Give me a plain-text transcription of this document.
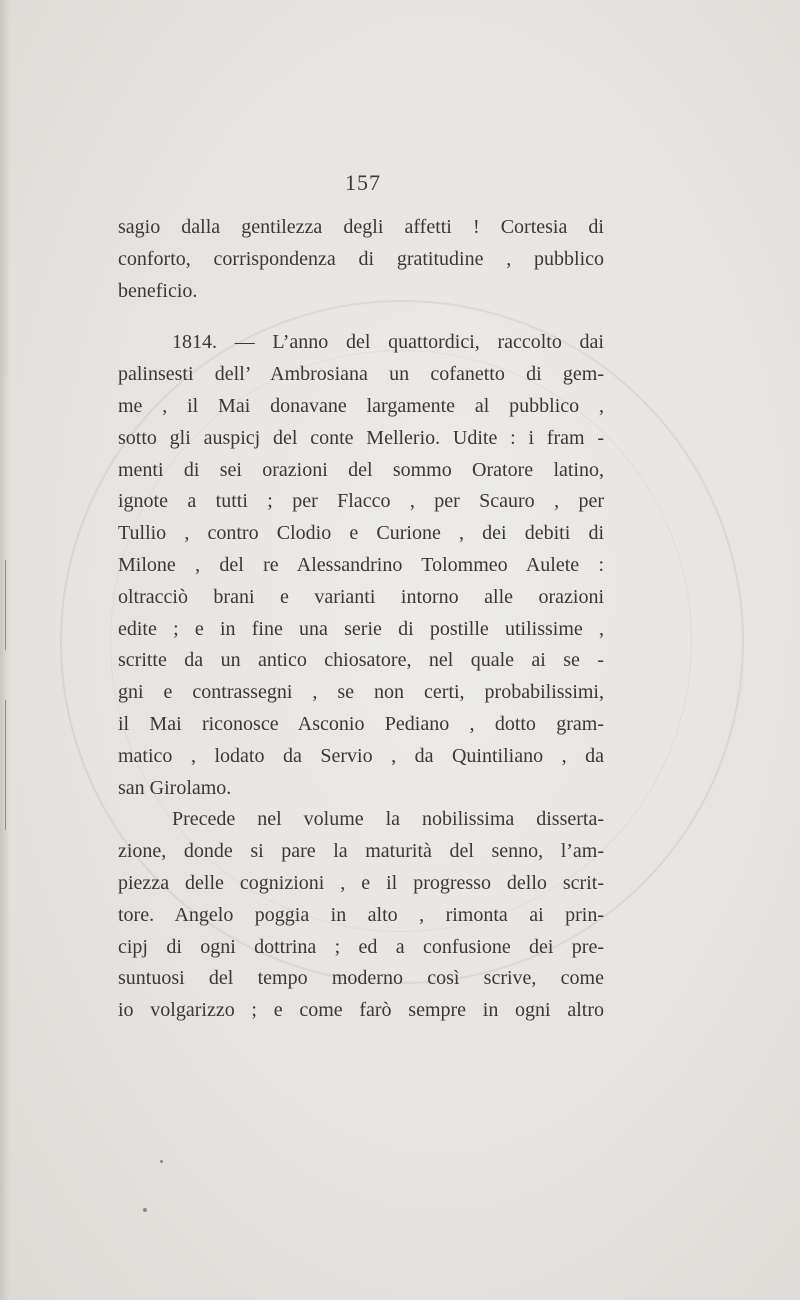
157
sagio dalla gentilezza degli affetti ! Cortesia di
conforto, corrispondenza di gratitudine , pubblico
beneficio.
1814. — L’anno del quattordici, raccolto dai
palinsesti dell’ Ambrosiana un cofanetto di gem-
me , il Mai donavane largamente al pubblico ,
sotto gli auspicj del conte Mellerio. Udite : i fram -
menti di sei orazioni del sommo Oratore latino,
ignote a tutti ; per Flacco , per Scauro , per
Tullio , contro Clodio e Curione , dei debiti di
Milone , del re Alessandrino Tolommeo Aulete :
oltracciò brani e varianti intorno alle orazioni
edite ; e in fine una serie di postille utilissime ,
scritte da un antico chiosatore, nel quale ai se -
gni e contrassegni , se non certi, probabilissimi,
il Mai riconosce Asconio Pediano , dotto gram-
matico , lodato da Servio , da Quintiliano , da
san Girolamo.
Precede nel volume la nobilissima disserta-
zione, donde si pare la maturità del senno, l’am-
piezza delle cognizioni , e il progresso dello scrit-
tore. Angelo poggia in alto , rimonta ai prin-
cipj di ogni dottrina ; ed a confusione dei pre-
suntuosi del tempo moderno così scrive, come
io volgarizzo ; e come farò sempre in ogni altro
